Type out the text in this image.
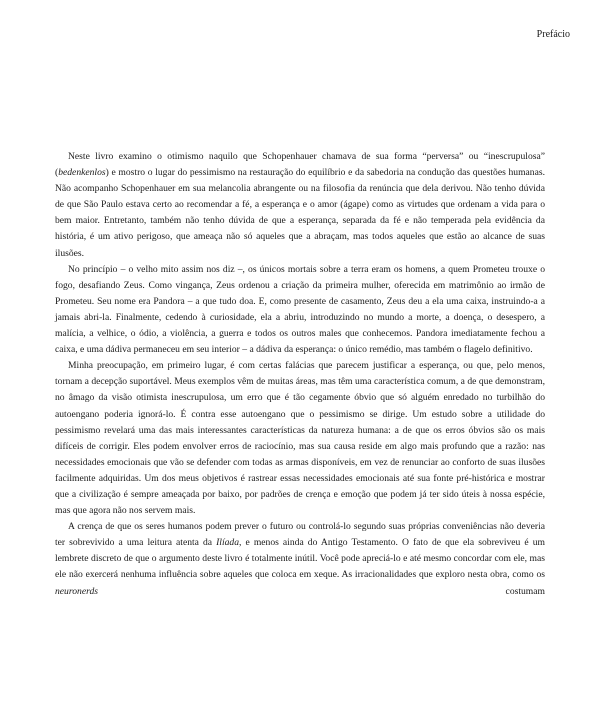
Prefácio

Neste livro examino o otimismo naquilo que Schopenhauer chamava de sua forma “perversa” ou “inescrupulosa” (bedenkenlos) e mostro o lugar do pessimismo na restauração do equilíbrio e da sabedoria na condução das questões humanas. Não acompanho Schopenhauer em sua melancolia abrangente ou na filosofia da renúncia que dela derivou. Não tenho dúvida de que São Paulo estava certo ao recomendar a fé, a esperança e o amor (ágape) como as virtudes que ordenam a vida para o bem maior. Entretanto, também não tenho dúvida de que a esperança, separada da fé e não temperada pela evidência da história, é um ativo perigoso, que ameaça não só aqueles que a abraçam, mas todos aqueles que estão ao alcance de suas ilusões.

No princípio – o velho mito assim nos diz –, os únicos mortais sobre a terra eram os homens, a quem Prometeu trouxe o fogo, desafiando Zeus. Como vingança, Zeus ordenou a criação da primeira mulher, oferecida em matrimônio ao irmão de Prometeu. Seu nome era Pandora – a que tudo doa. E, como presente de casamento, Zeus deu a ela uma caixa, instruindo-a a jamais abri-la. Finalmente, cedendo à curiosidade, ela a abriu, introduzindo no mundo a morte, a doença, o desespero, a malícia, a velhice, o ódio, a violência, a guerra e todos os outros males que conhecemos. Pandora imediatamente fechou a caixa, e uma dádiva permaneceu em seu interior – a dádiva da esperança: o único remédio, mas também o flagelo definitivo.

Minha preocupação, em primeiro lugar, é com certas falácias que parecem justificar a esperança, ou que, pelo menos, tornam a decepção suportável. Meus exemplos vêm de muitas áreas, mas têm uma característica comum, a de que demonstram, no âmago da visão otimista inescrupulosa, um erro que é tão cegamente óbvio que só alguém enredado no turbilhão do autoengano poderia ignorá-lo. É contra esse autoengano que o pessimismo se dirige. Um estudo sobre a utilidade do pessimismo revelará uma das mais interessantes características da natureza humana: a de que os erros óbvios são os mais difíceis de corrigir. Eles podem envolver erros de raciocínio, mas sua causa reside em algo mais profundo que a razão: nas necessidades emocionais que vão se defender com todas as armas disponíveis, em vez de renunciar ao conforto de suas ilusões facilmente adquiridas. Um dos meus objetivos é rastrear essas necessidades emocionais até sua fonte pré-histórica e mostrar que a civilização é sempre ameaçada por baixo, por padrões de crença e emoção que podem já ter sido úteis à nossa espécie, mas que agora não nos servem mais.

A crença de que os seres humanos podem prever o futuro ou controlá-lo segundo suas próprias conveniências não deveria ter sobrevivido a uma leitura atenta da Ilíada, e menos ainda do Antigo Testamento. O fato de que ela sobreviveu é um lembrete discreto de que o argumento deste livro é totalmente inútil. Você pode apreciá-lo e até mesmo concordar com ele, mas ele não exercerá nenhuma influência sobre aqueles que coloca em xeque. As irracionalidades que exploro nesta obra, como os neuronerds costumam
